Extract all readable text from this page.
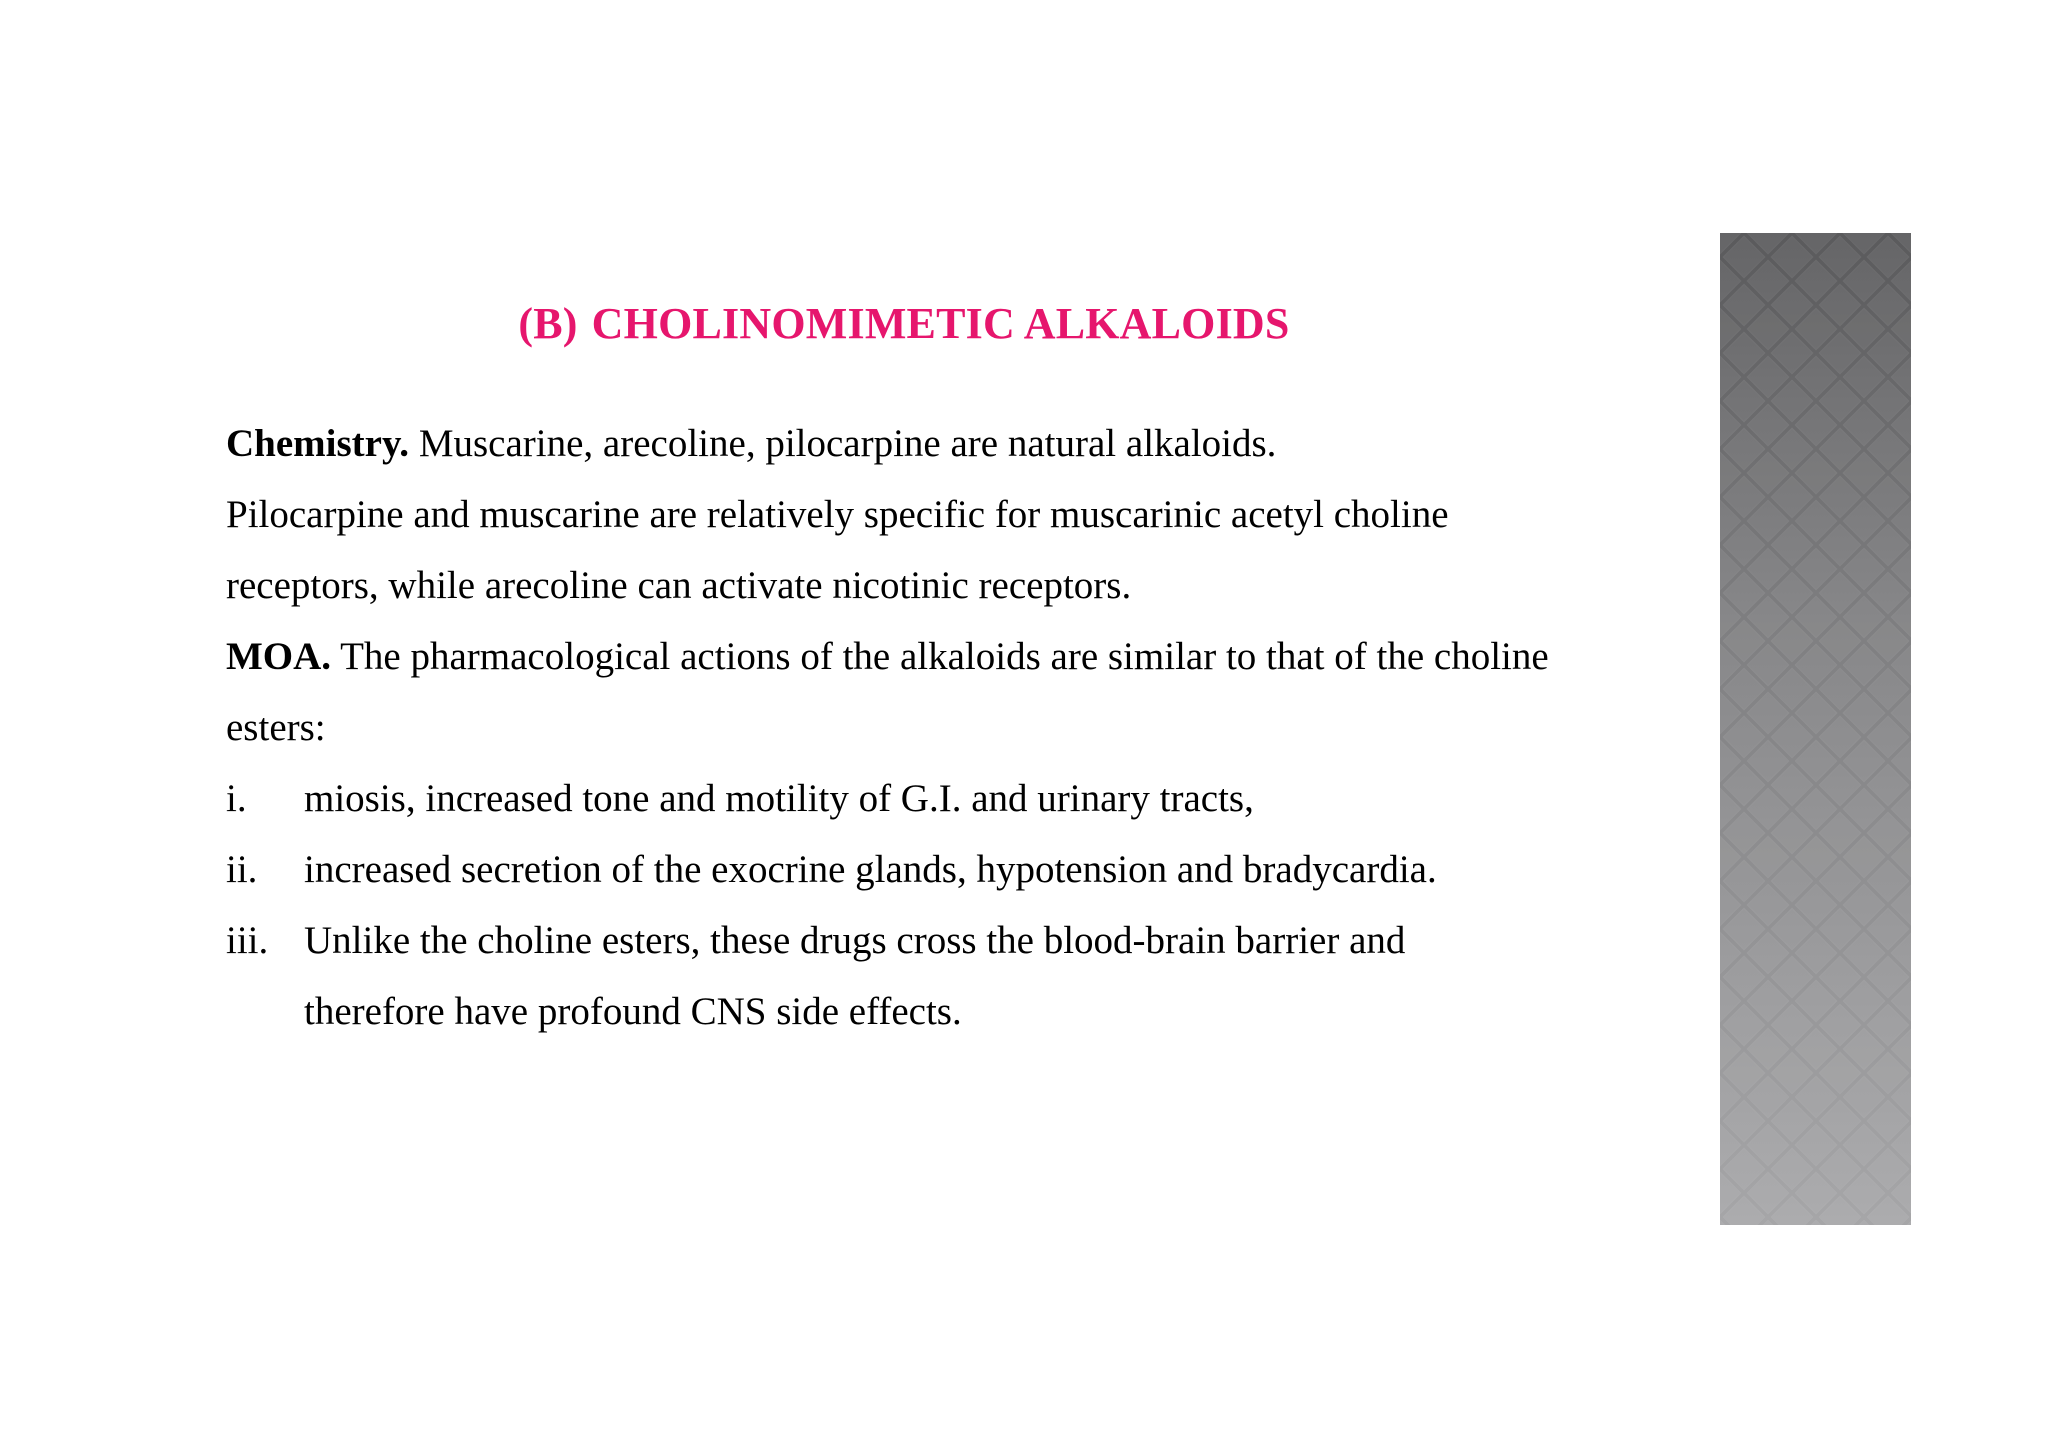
(B) CHOLINOMIMETIC ALKALOIDS
Chemistry. Muscarine, arecoline, pilocarpine are natural alkaloids.
Pilocarpine and muscarine are relatively specific for muscarinic acetyl choline
receptors, while arecoline can activate nicotinic receptors.
MOA. The pharmacological actions of the alkaloids are similar to that of the choline
esters:
i. miosis, increased tone and motility of G.I. and urinary tracts,
ii. increased secretion of the exocrine glands, hypotension and bradycardia.
iii. Unlike the choline esters, these drugs cross the blood-brain barrier and
therefore have profound CNS side effects.
